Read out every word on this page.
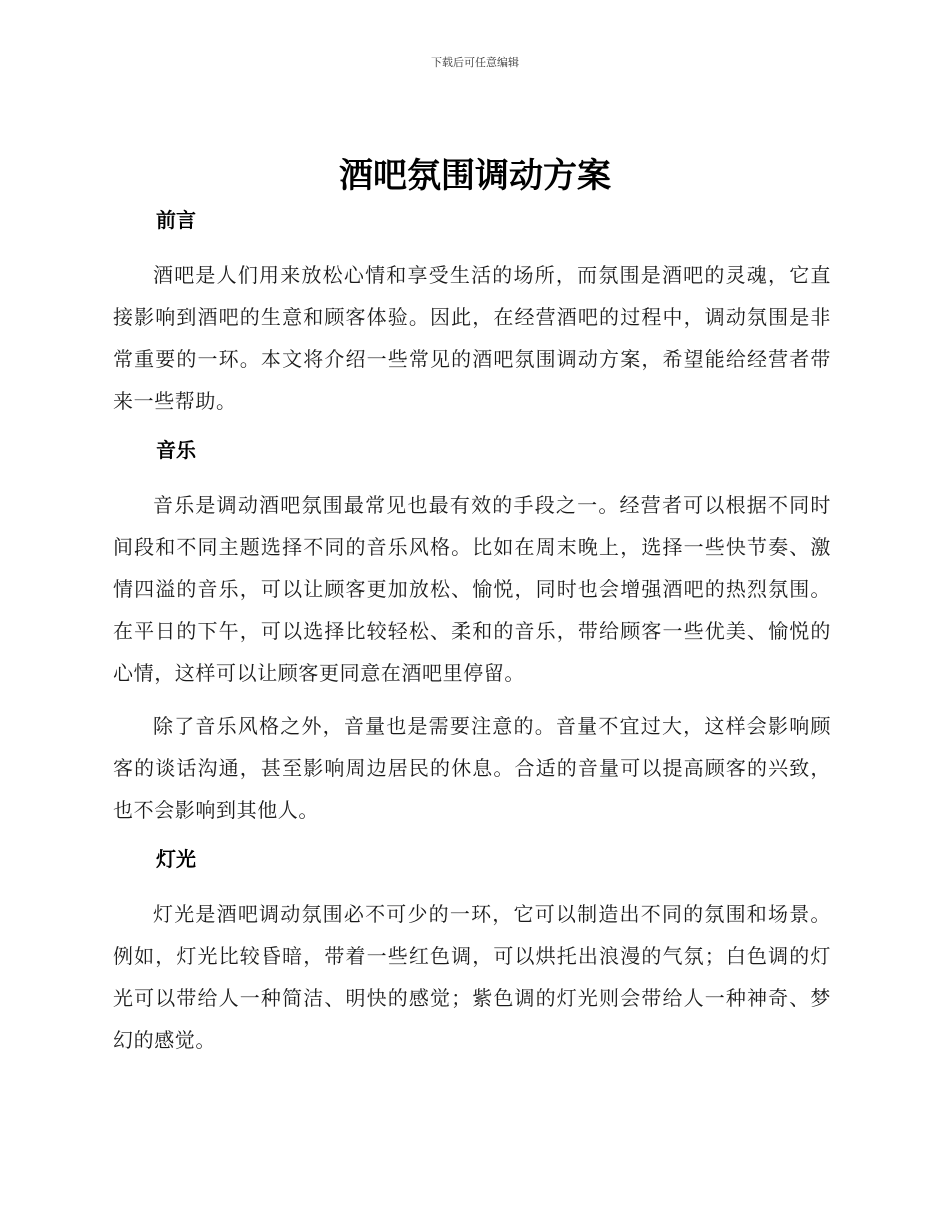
下载后可任意编辑
酒吧氛围调动方案
前言

酒吧是人们用来放松心情和享受生活的场所，而氛围是酒吧的灵魂，它直接影响到酒吧的生意和顾客体验。因此，在经营酒吧的过程中，调动氛围是非常重要的一环。本文将介绍一些常见的酒吧氛围调动方案，希望能给经营者带来一些帮助。

音乐

音乐是调动酒吧氛围最常见也最有效的手段之一。经营者可以根据不同时间段和不同主题选择不同的音乐风格。比如在周末晚上，选择一些快节奏、激情四溢的音乐，可以让顾客更加放松、愉悦，同时也会增强酒吧的热烈氛围。在平日的下午，可以选择比较轻松、柔和的音乐，带给顾客一些优美、愉悦的心情，这样可以让顾客更同意在酒吧里停留。

除了音乐风格之外，音量也是需要注意的。音量不宜过大，这样会影响顾客的谈话沟通，甚至影响周边居民的休息。合适的音量可以提高顾客的兴致，也不会影响到其他人。

灯光

灯光是酒吧调动氛围必不可少的一环，它可以制造出不同的氛围和场景。例如，灯光比较昏暗，带着一些红色调，可以烘托出浪漫的气氛；白色调的灯光可以带给人一种简洁、明快的感觉；紫色调的灯光则会带给人一种神奇、梦幻的感觉。
